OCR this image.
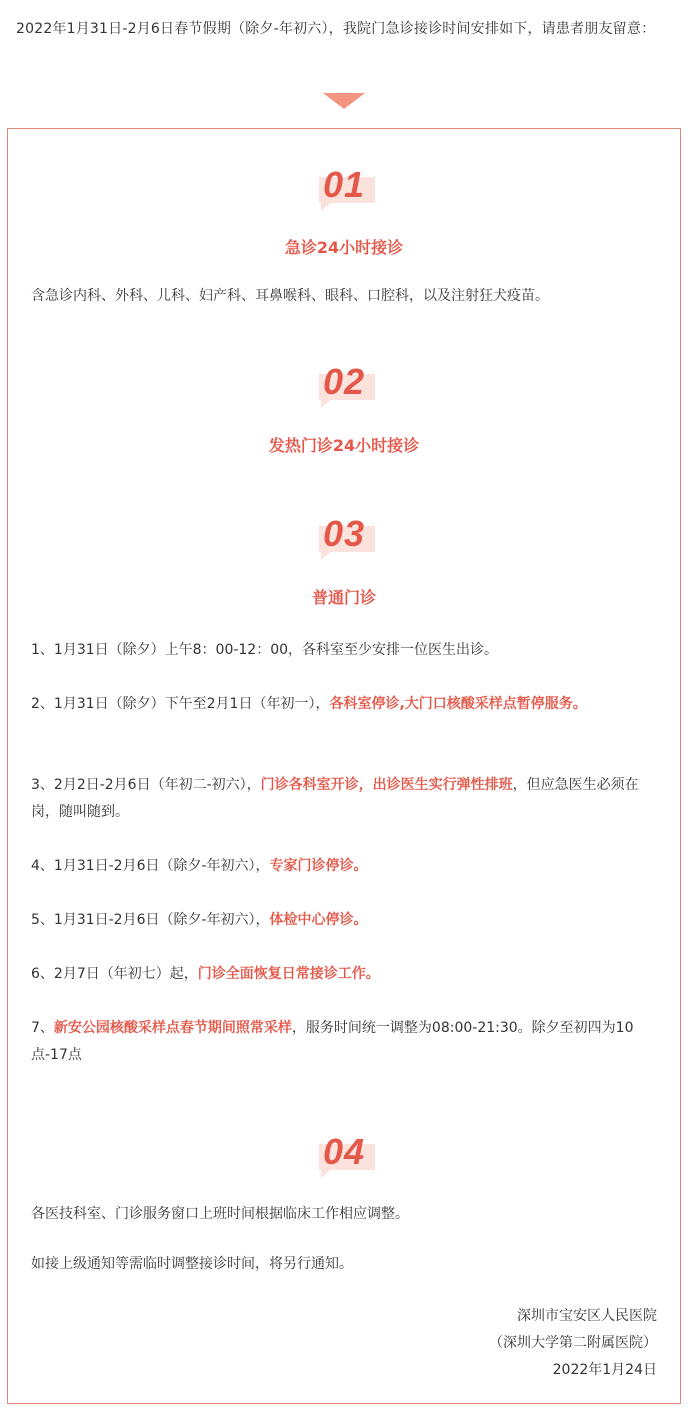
2022年1月31日-2月6日春节假期（除夕-年初六），我院门急诊接诊时间安排如下，请患者朋友留意：
01
急诊24小时接诊
含急诊内科、外科、儿科、妇产科、耳鼻喉科、眼科、口腔科，以及注射狂犬疫苗。
02
发热门诊24小时接诊
03
普通门诊
1、1月31日（除夕）上午8：00-12：00，各科室至少安排一位医生出诊。
2、1月31日（除夕）下午至2月1日（年初一），各科室停诊,大门口核酸采样点暂停服务。
3、2月2日-2月6日（年初二-初六），门诊各科室开诊，出诊医生实行弹性排班，但应急医生必须在岗，随叫随到。
4、1月31日-2月6日（除夕-年初六），专家门诊停诊。
5、1月31日-2月6日（除夕-年初六），体检中心停诊。
6、2月7日（年初七）起，门诊全面恢复日常接诊工作。
7、新安公园核酸采样点春节期间照常采样，服务时间统一调整为08:00-21:30。除夕至初四为10点-17点
04
各医技科室、门诊服务窗口上班时间根据临床工作相应调整。
如接上级通知等需临时调整接诊时间，将另行通知。
深圳市宝安区人民医院
（深圳大学第二附属医院）
2022年1月24日
